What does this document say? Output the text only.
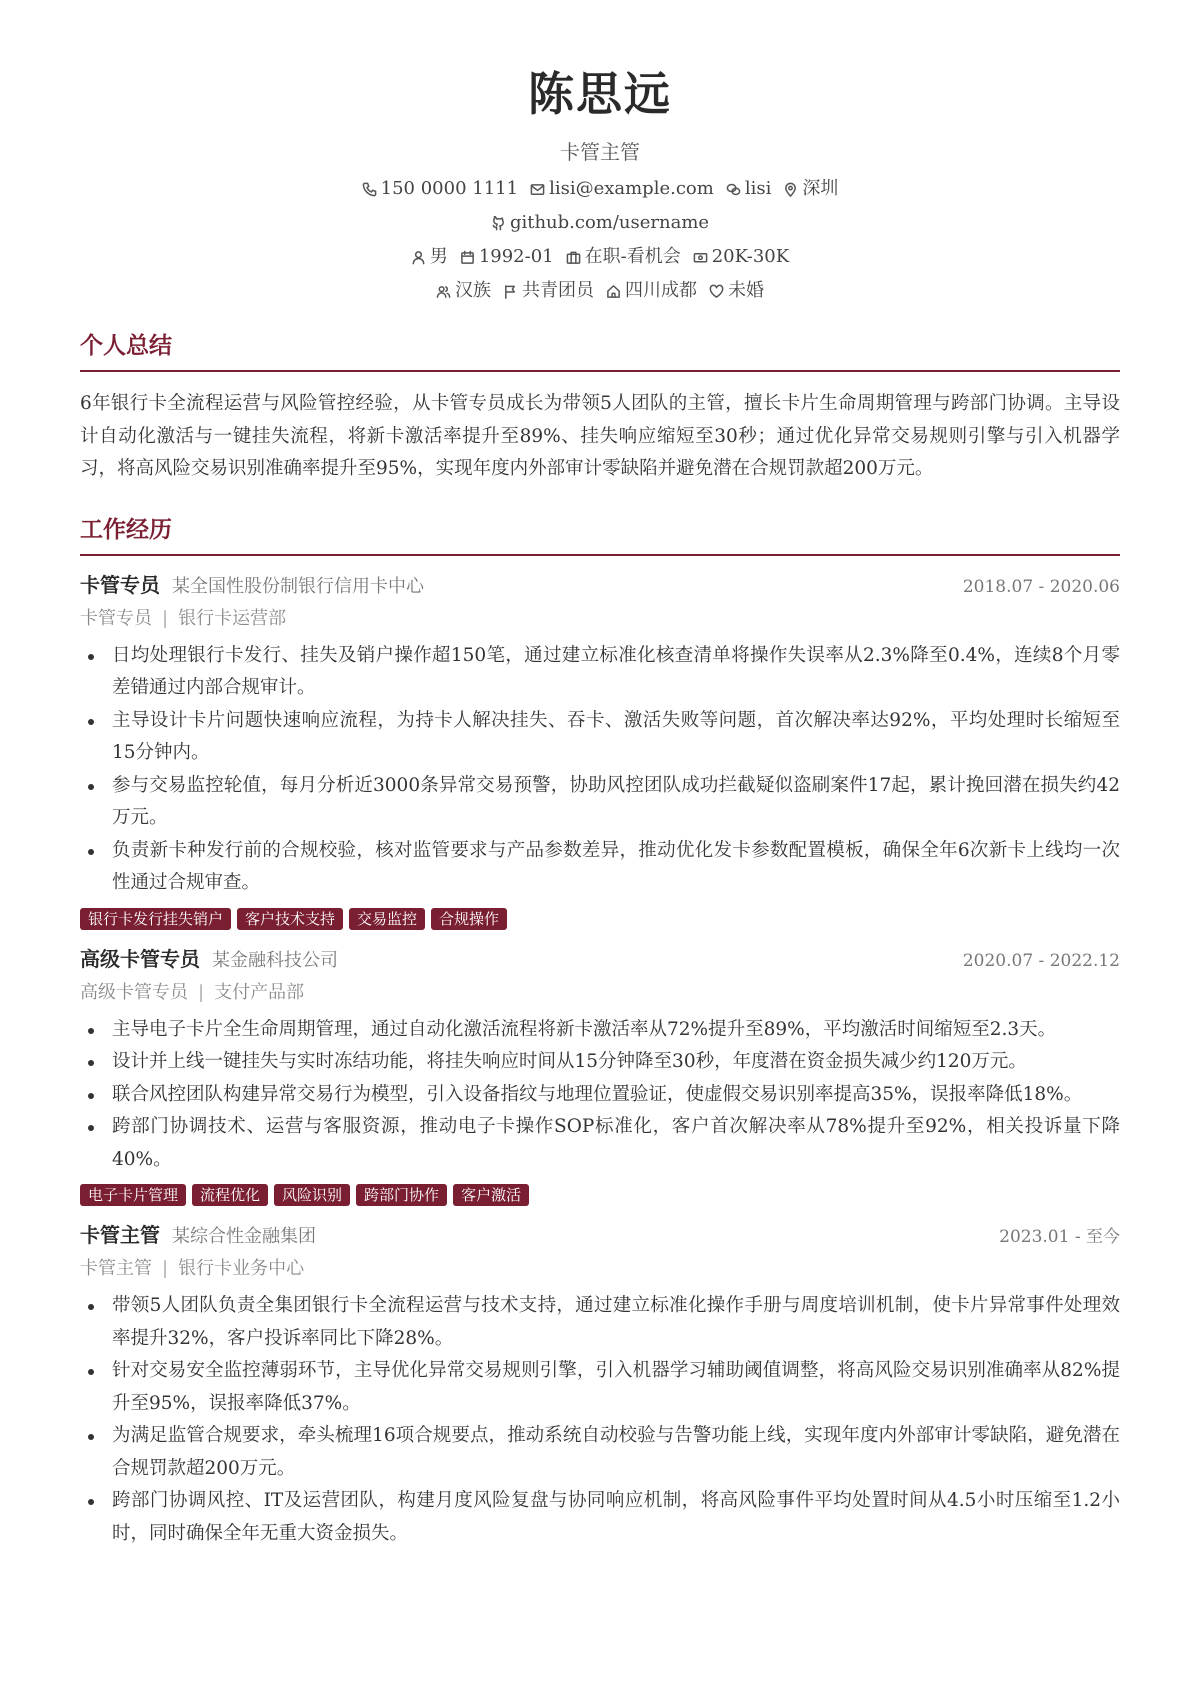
陈思远
卡管主管
150 0000 1111 lisi@example.com lisi 深圳
github.com/username
男 1992-01 在职-看机会 20K-30K
汉族 共青团员 四川成都 未婚
个人总结

6年银行卡全流程运营与风险管控经验，从卡管专员成长为带领5人团队的主管，擅长卡片生命周期管理与跨部门协调。主导设计自动化激活与一键挂失流程，将新卡激活率提升至89%、挂失响应缩短至30秒；通过优化异常交易规则引擎与引入机器学习，将高风险交易识别准确率提升至95%，实现年度内外部审计零缺陷并避免潜在合规罚款超200万元。

工作经历
卡管专员 某全国性股份制银行信用卡中心	2018.07 - 2020.06
卡管专员 | 银行卡运营部
日均处理银行卡发行、挂失及销户操作超150笔，通过建立标准化核查清单将操作失误率从2.3%降至0.4%，连续8个月零差错通过内部合规审计。
主导设计卡片问题快速响应流程，为持卡人解决挂失、吞卡、激活失败等问题，首次解决率达92%，平均处理时长缩短至15分钟内。
参与交易监控轮值，每月分析近3000条异常交易预警，协助风控团队成功拦截疑似盗刷案件17起，累计挽回潜在损失约42万元。
负责新卡种发行前的合规校验，核对监管要求与产品参数差异，推动优化发卡参数配置模板，确保全年6次新卡上线均一次性通过合规审查。
银行卡发行挂失销户	客户技术支持	交易监控	合规操作
高级卡管专员 某金融科技公司	2020.07 - 2022.12
高级卡管专员 | 支付产品部
主导电子卡片全生命周期管理，通过自动化激活流程将新卡激活率从72%提升至89%，平均激活时间缩短至2.3天。
设计并上线一键挂失与实时冻结功能，将挂失响应时间从15分钟降至30秒，年度潜在资金损失减少约120万元。
联合风控团队构建异常交易行为模型，引入设备指纹与地理位置验证，使虚假交易识别率提高35%，误报率降低18%。
跨部门协调技术、运营与客服资源，推动电子卡操作SOP标准化，客户首次解决率从78%提升至92%，相关投诉量下降40%。
电子卡片管理	流程优化	风险识别	跨部门协作	客户激活
卡管主管 某综合性金融集团	2023.01 - 至今
卡管主管 | 银行卡业务中心
带领5人团队负责全集团银行卡全流程运营与技术支持，通过建立标准化操作手册与周度培训机制，使卡片异常事件处理效率提升32%，客户投诉率同比下降28%。
针对交易安全监控薄弱环节，主导优化异常交易规则引擎，引入机器学习辅助阈值调整，将高风险交易识别准确率从82%提升至95%，误报率降低37%。
为满足监管合规要求，牵头梳理16项合规要点，推动系统自动校验与告警功能上线，实现年度内外部审计零缺陷，避免潜在合规罚款超200万元。
跨部门协调风控、IT及运营团队，构建月度风险复盘与协同响应机制，将高风险事件平均处置时间从4.5小时压缩至1.2小时，同时确保全年无重大资金损失。
